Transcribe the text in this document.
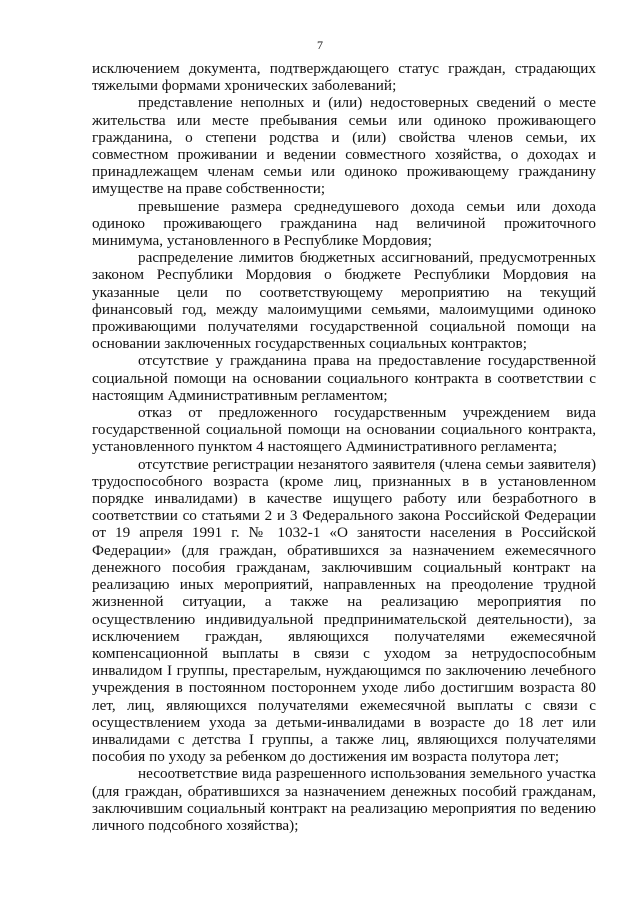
7

исключением документа, подтверждающего статус граждан, страдающих тяжелыми формами хронических заболеваний;

представление неполных и (или) недостоверных сведений о месте жительства или месте пребывания семьи или одиноко проживающего гражданина, о степени родства и (или) свойства членов семьи, их совместном проживании и ведении совместного хозяйства, о доходах и принадлежащем членам семьи или одиноко проживающему гражданину имуществе на праве собственности;

превышение размера среднедушевого дохода семьи или дохода одиноко проживающего гражданина над величиной прожиточного минимума, установленного в Республике Мордовия;

распределение лимитов бюджетных ассигнований, предусмотренных законом Республики Мордовия о бюджете Республики Мордовия на указанные цели по соответствующему мероприятию на текущий финансовый год, между малоимущими семьями, малоимущими одиноко проживающими получателями государственной социальной помощи на основании заключенных государственных социальных контрактов;

отсутствие у гражданина права на предоставление государственной социальной помощи на основании социального контракта в соответствии с настоящим Административным регламентом;

отказ от предложенного государственным учреждением вида государственной социальной помощи на основании социального контракта, установленного пунктом 4 настоящего Административного регламента;

отсутствие регистрации незанятого заявителя (члена семьи заявителя) трудоспособного возраста (кроме лиц, признанных в в установленном порядке инвалидами) в качестве ищущего работу или безработного в соответствии со статьями 2 и 3 Федерального закона Российской Федерации от 19 апреля 1991 г. № 1032-1 «О занятости населения в Российской Федерации» (для граждан, обратившихся за назначением ежемесячного денежного пособия гражданам, заключившим социальный контракт на реализацию иных мероприятий, направленных на преодоление трудной жизненной ситуации, а также на реализацию мероприятия по осуществлению индивидуальной предпринимательской деятельности), за исключением граждан, являющихся получателями ежемесячной компенсационной выплаты в связи с уходом за нетрудоспособным инвалидом I группы, престарелым, нуждающимся по заключению лечебного учреждения в постоянном постороннем уходе либо достигшим возраста 80 лет, лиц, являющихся получателями ежемесячной выплаты с связи с осуществлением ухода за детьми-инвалидами в возрасте до 18 лет или инвалидами с детства I группы, а также лиц, являющихся получателями пособия по уходу за ребенком до достижения им возраста полутора лет;

несоответствие вида разрешенного использования земельного участка (для граждан, обратившихся за назначением денежных пособий гражданам, заключившим социальный контракт на реализацию мероприятия по ведению личного подсобного хозяйства);
